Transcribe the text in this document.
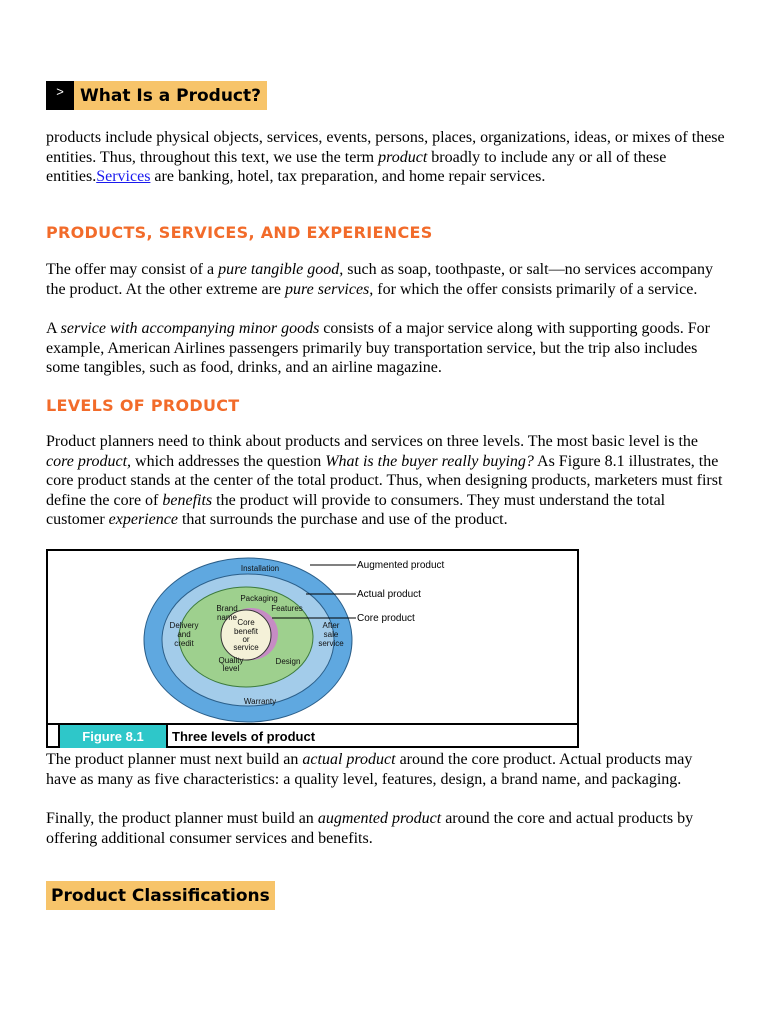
> What Is a Product?

products include physical objects, services, events, persons, places, organizations, ideas, or mixes of these entities. Thus, throughout this text, we use the term product broadly to include any or all of these entities.Services are banking, hotel, tax preparation, and home repair services.

PRODUCTS, SERVICES, AND EXPERIENCES

The offer may consist of a pure tangible good, such as soap, toothpaste, or salt—no services accompany the product. At the other extreme are pure services, for which the offer consists primarily of a service.

A service with accompanying minor goods consists of a major service along with supporting goods. For example, American Airlines passengers primarily buy transportation service, but the trip also includes some tangibles, such as food, drinks, and an airline magazine.

LEVELS OF PRODUCT

Product planners need to think about products and services on three levels. The most basic level is the core product, which addresses the question What is the buyer really buying? As Figure 8.1 illustrates, the core product stands at the center of the total product. Thus, when designing products, marketers must first define the core of benefits the product will provide to consumers. They must understand the total customer experience that surrounds the purchase and use of the product.

Augmented product
Actual product
Core product
Installation
Warranty
Delivery
and
credit
After
sale
service
Packaging
Features
Brand
name
Quality
level
Design
Core
benefit
or
service
Figure 8.1	Three levels of product

The product planner must next build an actual product around the core product. Actual products may have as many as five characteristics: a quality level, features, design, a brand name, and packaging.

Finally, the product planner must build an augmented product around the core and actual products by offering additional consumer services and benefits.

Product Classifications
